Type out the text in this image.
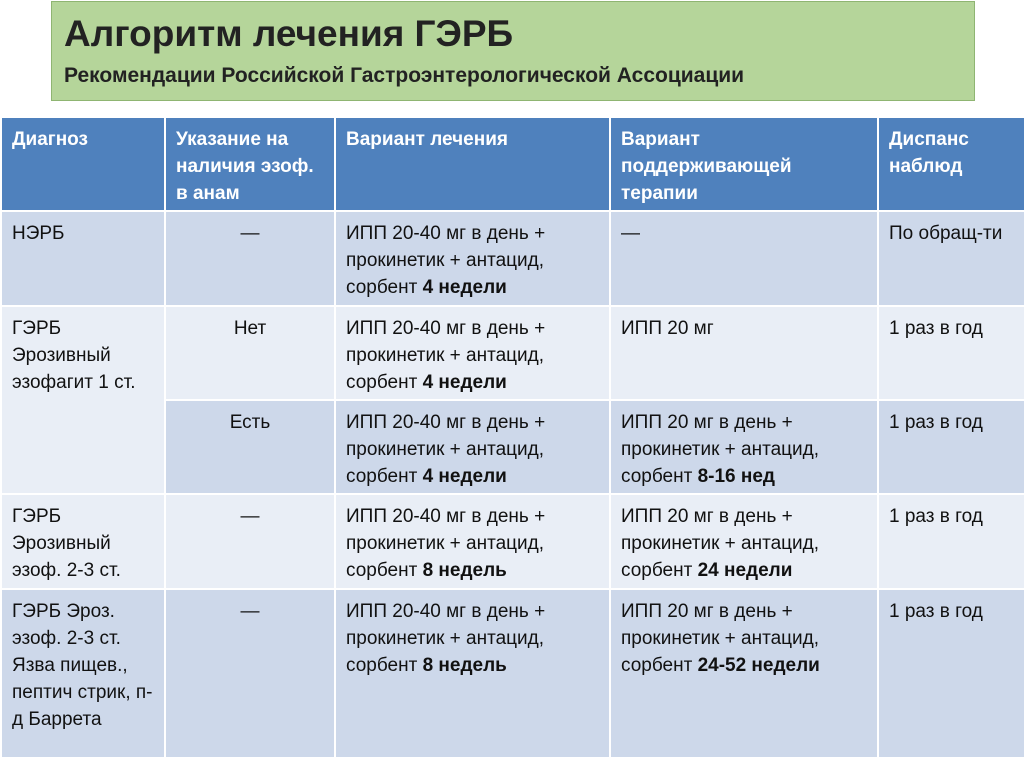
Алгоритм лечения ГЭРБ
Рекомендации Российской Гастроэнтерологической Ассоциации
Диагноз	Указание на наличия эзоф. в анам	Вариант лечения	Вариант поддерживающей терапии	Диспанс наблюд
НЭРБ	—	ИПП 20-40 мг в день + прокинетик + антацид, сорбент 4 недели	—	По обращ-ти
ГЭРБ Эрозивный эзофагит 1 ст.	Нет	ИПП 20-40 мг в день + прокинетик + антацид, сорбент 4 недели	ИПП 20 мг	1 раз в год
	Есть	ИПП 20-40 мг в день + прокинетик + антацид, сорбент 4 недели	ИПП 20 мг в день + прокинетик + антацид, сорбент 8-16 нед	1 раз в год
ГЭРБ Эрозивный эзоф. 2-3 ст.	—	ИПП 20-40 мг в день + прокинетик + антацид, сорбент 8 недель	ИПП 20 мг в день + прокинетик + антацид, сорбент 24 недели	1 раз в год
ГЭРБ Эроз. эзоф. 2-3 ст. Язва пищев., пептич стрик, п-д Баррета	—	ИПП 20-40 мг в день + прокинетик + антацид, сорбент 8 недель	ИПП 20 мг в день + прокинетик + антацид, сорбент 24-52 недели	1 раз в год
